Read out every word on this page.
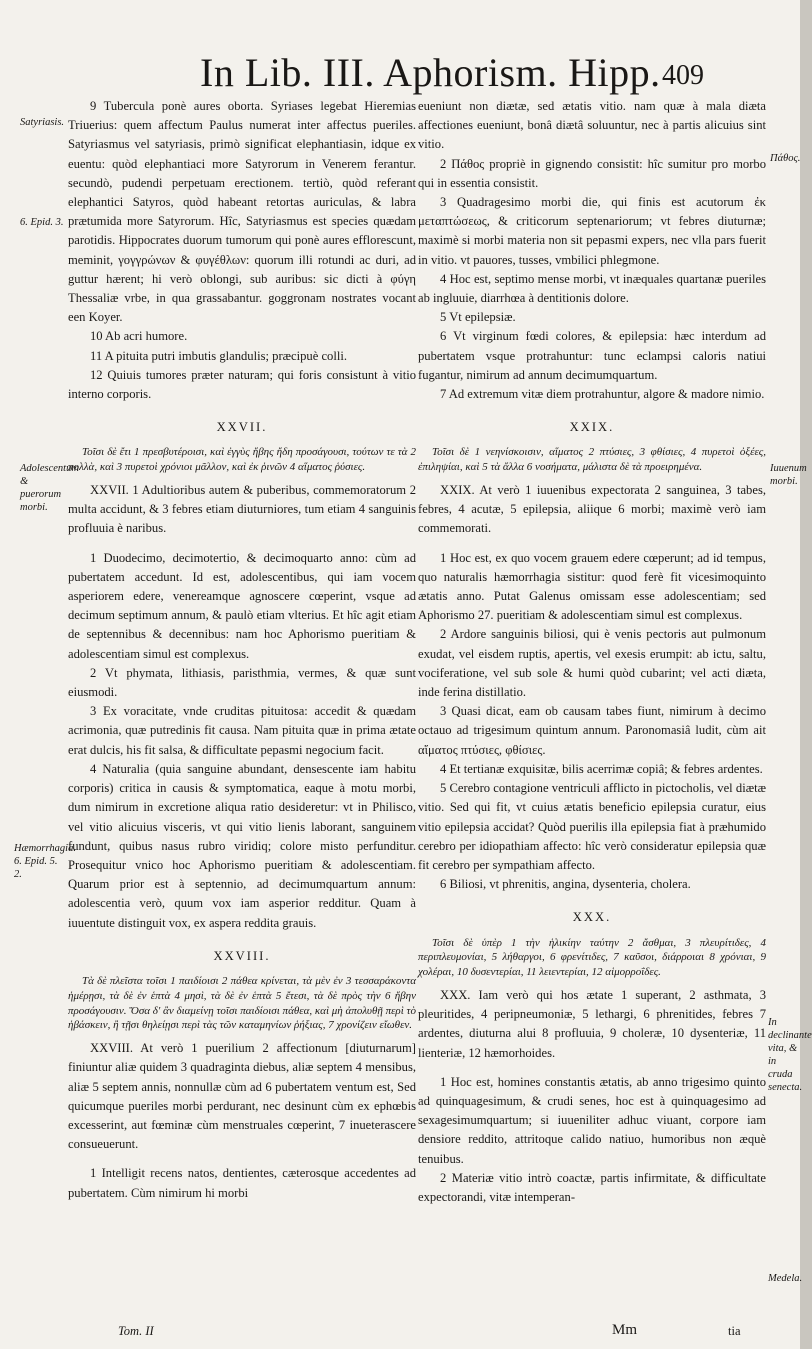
In Lib. III. Aphorism. Hipp. 409

9 Tubercula ponè aures oborta. Syriases legebat Hieremias Triuerius: quem affectum Paulus numerat inter affectus pueriles. Satyriasmus vel satyriasis, primò significat elephantiasin, idque ex euentu: quòd elephantiaci more Satyrorum in Venerem ferantur. secundò, pudendi perpetuam erectionem. tertiò, quòd referant elephantici Satyros, quòd habeant retortas auriculas, & labra prætumida more Satyrorum. Hîc, Satyriasmus est species quædam parotidis. Hippocrates duorum tumorum qui ponè aures efflorescunt, meminit, γογγρώνων & φυγέθλων: quorum illi rotundi ac duri, ad guttur hærent; hi verò oblongi, sub auribus: sic dicti à φύγη Thessaliæ vrbe, in qua grassabantur. goggronam nostrates vocant een Koyer.

10 Ab acri humore.

11 A pituita putri imbutis glandulis; præcipuè colli.

12 Quiuis tumores præter naturam; qui foris consistunt à vitio interno corporis.

XXVII.

Τοῖσι δὲ ἔτι 1 πρεσβυτέροισι, καὶ ἐγγὺς ἥβης ἤδη προσάγουσι, τούτων τε τὰ 2 πολλὰ, καὶ 3 πυρετοὶ χρόνιοι μᾶλλον, καὶ ἐκ ῥινῶν 4 αἵματος ῥύσιες.

XXVII. 1 Adultioribus autem & puberibus, commemoratorum 2 multa accidunt, & 3 febres etiam diuturniores, tum etiam 4 sanguinis profluuia è naribus.

1 Duodecimo, decimotertio, & decimoquarto anno: cùm ad pubertatem accedunt. Id est, adolescentibus, qui iam vocem asperiorem edere, venereamque agnoscere cœperint, vsque ad decimum septimum annum, & paulò etiam vlterius. Et hîc agit etiam de septennibus & decennibus: nam hoc Aphorismo pueritiam & adolescentiam simul est complexus.

2 Vt phymata, lithiasis, paristhmia, vermes, & quæ sunt eiusmodi.

3 Ex voracitate, vnde cruditas pituitosa: accedit & quædam acrimonia, quæ putredinis fit causa. Nam pituita quæ in prima ætate erat dulcis, his fit salsa, & difficultate pepasmi negocium facit.

4 Naturalia (quia sanguine abundant, densescente iam habitu corporis) critica in causis & symptomatica, eaque à motu morbi, dum nimirum in excretione aliqua ratio desideretur: vt in Philisco, vel vitio alicuius visceris, vt qui vitio lienis laborant, sanguinem fundunt, quibus nasus rubro viridiq; colore misto perfunditur. Prosequitur vnico hoc Aphorismo pueritiam & adolescentiam. Quarum prior est à septennio, ad decimumquartum annum: adolescentia verò, quum vox iam asperior redditur. Quam à iuuentute distinguit vox, ex aspera reddita grauis.

XXVIII.

Τὰ δὲ πλεῖστα τοῖσι 1 παιδίοισι 2 πάθεα κρίνεται, τὰ μὲν ἐν 3 τεσσαράκοντα ἡμέρῃσι, τὰ δὲ ἐν ἑπτὰ 4 μησὶ, τὰ δὲ ἐν ἑπτὰ 5 ἔτεσι, τὰ δὲ πρὸς τὴν 6 ἥβην προσάγουσιν. Ὅσα δ' ἂν διαμείνῃ τοῖσι παιδίοισι πάθεα, καὶ μὴ ἀπολυθῇ περὶ τὸ ἡβάσκειν, ἢ τῇσι θηλείῃσι περὶ τὰς τῶν καταμηνίων ῥήξιας, 7 χρονίζειν εἴωθεν.

XXVIII. At verò 1 puerilium 2 affectionum [diuturnarum] finiuntur aliæ quidem 3 quadraginta diebus, aliæ septem 4 mensibus, aliæ 5 septem annis, nonnullæ cùm ad 6 pubertatem ventum est, Sed quicumque pueriles morbi perdurant, nec desinunt cùm ex ephœbis excesserint, aut fœminæ cùm menstruales cœperint, 7 inueterascere consueuerunt.

1 Intelligit recens natos, dentientes, cæterosque accedentes ad pubertatem. Cùm nimirum hi morbi

eueniunt non diætæ, sed ætatis vitio. nam quæ à mala diæta affectiones eueniunt, bonâ diætâ soluuntur, nec à partis alicuius sint vitio.

2 Πάθος propriè in gignendo consistit: hîc sumitur pro morbo qui in essentia consistit.

3 Quadragesimo morbi die, qui finis est acutorum ἐκ μεταπτώσεως, & criticorum septenariorum; vt febres diuturnæ; maximè si morbi materia non sit pepasmi expers, nec vlla pars fuerit in vitio. vt pauores, tusses, vmbilici phlegmone.

4 Hoc est, septimo mense morbi, vt inæquales quartanæ pueriles ab ingluuie, diarrhœa à dentitionis dolore.

5 Vt epilepsiæ.

6 Vt virginum fœdi colores, & epilepsia: hæc interdum ad pubertatem vsque protrahuntur: tunc eclampsi caloris natiui fugantur, nimirum ad annum decimumquartum.

7 Ad extremum vitæ diem protrahuntur, algore & madore nimio.

XXIX.

Τοῖσι δὲ 1 νεηνίσκοισιν, αἵματος 2 πτύσιες, 3 φθίσιες, 4 πυρετοὶ ὀξέες, ἐπιληψίαι, καὶ 5 τὰ ἄλλα 6 νοσήματα, μάλιστα δὲ τὰ προειρημένα.

XXIX. At verò 1 iuuenibus expectorata 2 sanguinea, 3 tabes, febres, 4 acutæ, 5 epilepsia, aliique 6 morbi; maximè verò iam commemorati.

1 Hoc est, ex quo vocem grauem edere cœperunt; ad id tempus, quo naturalis hæmorrhagia sistitur: quod ferè fit vicesimoquinto ætatis anno. Putat Galenus omissam esse adolescentiam; sed Aphorismo 27. pueritiam & adolescentiam simul est complexus.

2 Ardore sanguinis biliosi, qui è venis pectoris aut pulmonum exudat, vel eisdem ruptis, apertis, vel exesis erumpit: ab ictu, saltu, vociferatione, vel sub sole & humi quòd cubarint; vel acti diæta, inde ferina distillatio.

3 Quasi dicat, eam ob causam tabes fiunt, nimirum à decimo octauo ad trigesimum quintum annum. Paronomasiâ ludit, cùm ait αἵματος πτύσιες, φθίσιες.

4 Et tertianæ exquisitæ, bilis acerrimæ copiâ; & febres ardentes.

5 Cerebro contagione ventriculi afflicto in pictocholis, vel diætæ vitio. Sed qui fit, vt cuius ætatis beneficio epilepsia curatur, eius vitio epilepsia accidat? Quòd puerilis illa epilepsia fiat à præhumido cerebro per idiopathiam affecto: hîc verò consideratur epilepsia quæ fit cerebro per sympathiam affecto.

6 Biliosi, vt phrenitis, angina, dysenteria, cholera.

XXX.

Τοῖσι δὲ ὑπὲρ 1 τὴν ἡλικίην ταύτην 2 ἄσθμαι, 3 πλευρίτιδες, 4 περιπλευμονίαι, 5 λήθαργοι, 6 φρενίτιδες, 7 καῦσοι, διάρροιαι 8 χρόνιαι, 9 χολέραι, 10 δυσεντερίαι, 11 λειεντερίαι, 12 αἱμορροΐδες.

XXX. Iam verò qui hos ætate 1 superant, 2 asthmata, 3 pleuritides, 4 peripneumoniæ, 5 lethargi, 6 phrenitides, febres 7 ardentes, diuturna alui 8 profluuia, 9 choleræ, 10 dysenteriæ, 11 lienteriæ, 12 hæmorhoides.

1 Hoc est, homines constantis ætatis, ab anno trigesimo quinto ad quinquagesimum, & crudi senes, hoc est à quinquagesimo ad sexagesimumquartum; si iuueniliter adhuc viuant, corpore iam densiore reddito, attritoque calido natiuo, humoribus non æquè tenuibus.

2 Materiæ vitio intrò coactæ, partis infirmitate, & difficultate expectorandi, vitæ intemperan-

Satyriasis.
6. Epid. 3.
Adolescentum & puerorum morbi.
Hæmorrhagia. 6. Epid. 5. 2.
Πάθος.
Iuuenum morbi.
In declinante vita, & in cruda senecta.
Medela.
Tom. II	Mm	tia
